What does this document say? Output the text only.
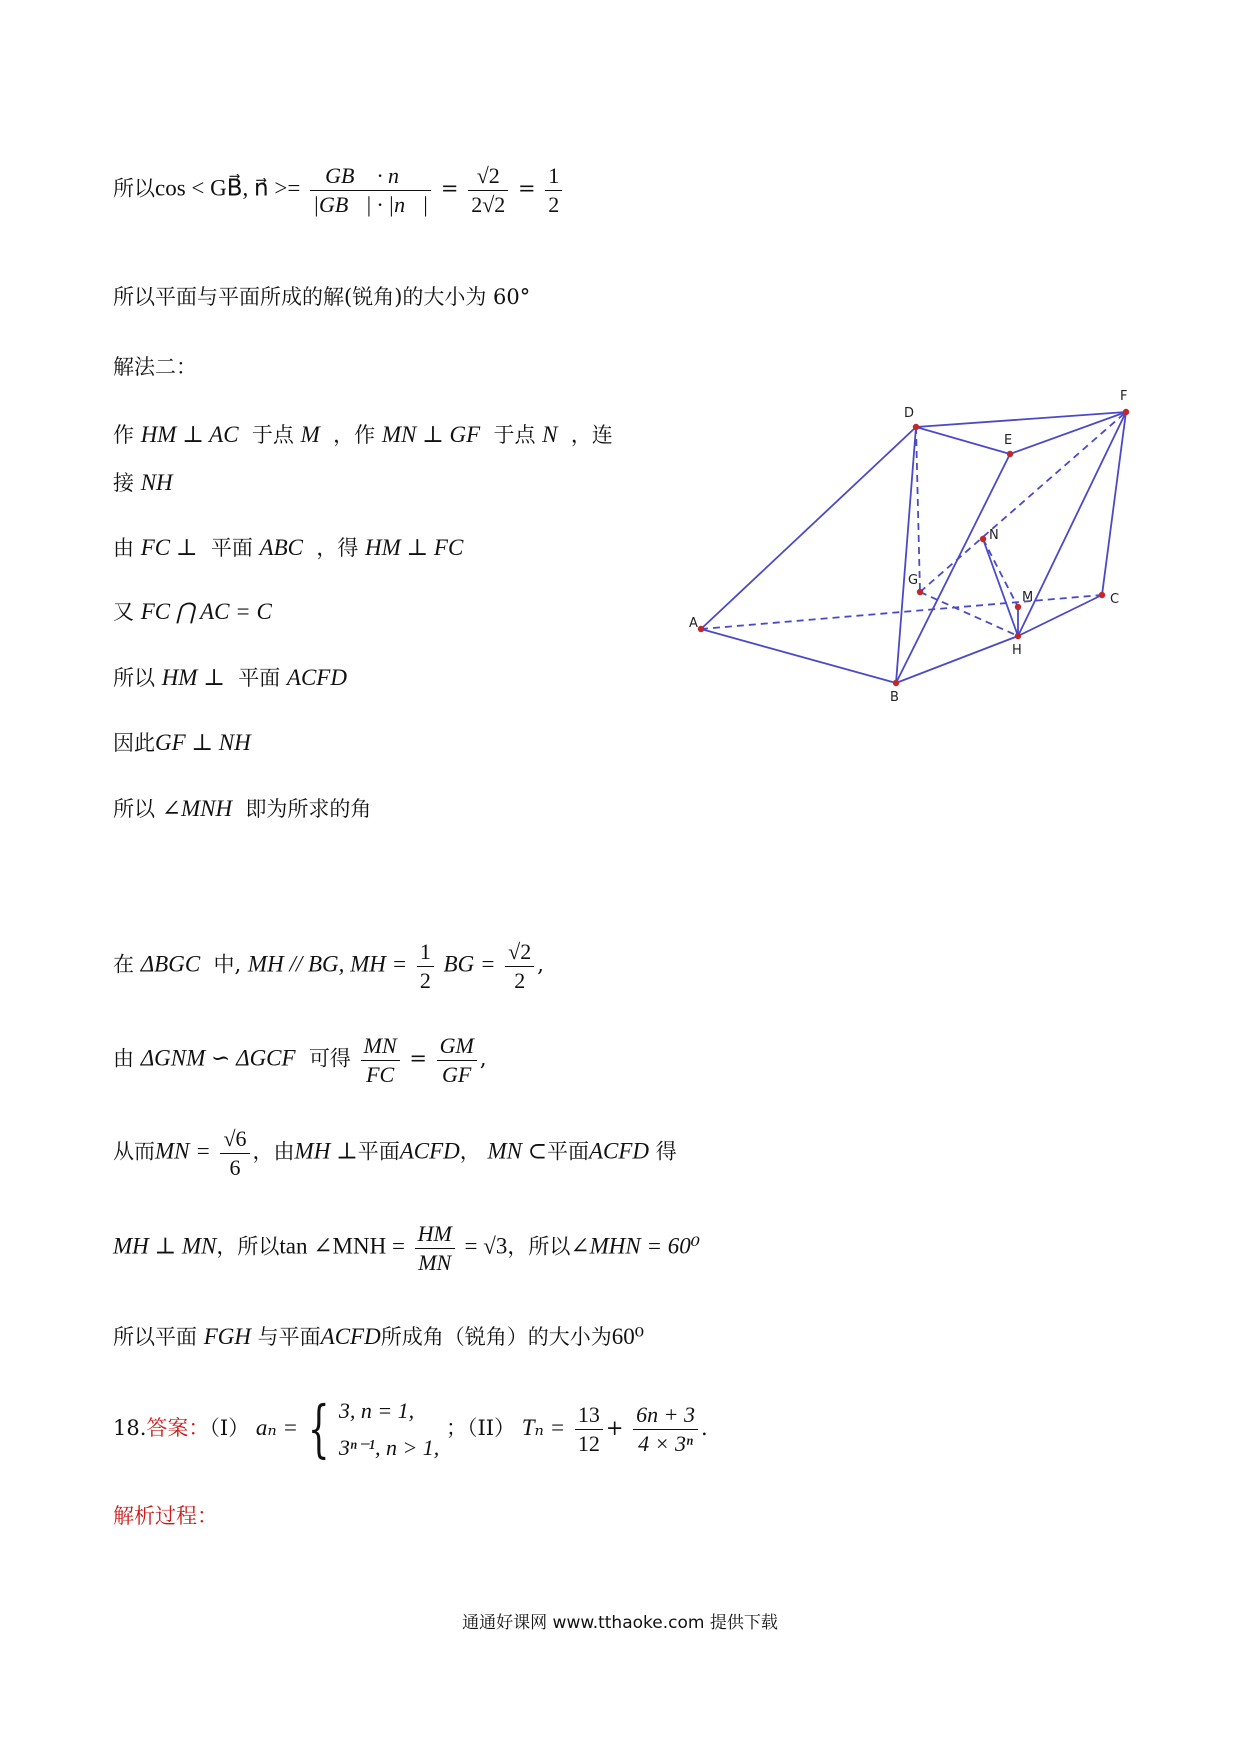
所以cos < GB⃗, n⃗ >= $\frac{GB⃗ \cdot n⃗}{|GB⃗| \cdot |n⃗|} = \frac{√2}{2√2} = \frac{1}{2}$
所以平面与平面所成的解(锐角)的大小为 60°
解法二：
作 HM ⊥ AC 于点 M ，作 MN ⊥ GF 于点 N ，连
接 NH
由 FC ⊥ 平面 ABC ，得 HM ⊥ FC
又 FC ⋂ AC = C
所以 HM ⊥ 平面 ACFD
因此GF ⊥ NH
所以 ∠MNH 即为所求的角
在 ΔBGC 中, MH // BG, MH = $\frac{1}{2}$ BG = $\frac{√2}{2}$ ,
由 ΔGNM ∽ ΔGCF 可得 $\frac{MN}{FC} = \frac{GM}{GF}$ ,
从而MN = $\frac{√6}{6}$ ，由MH ⊥平面ACFD， MN ⊂平面ACFD 得
MH ⊥ MN，所以tan ∠MNH = $\frac{HM}{MN} = √3$，所以∠MHN = 60⁰
所以平面 FGH 与平面ACFD所成角（锐角）的大小为60⁰
18.答案：（I） aₙ = { 3, n = 1,
3ⁿ⁻¹, n > 1,
；（II） $T_n = \frac{13}{12} + \frac{6n + 3}{\text{4 × 3ⁿ}}$ .
解析过程：
A
B
C
D
E
F
G
H
M
N
通通好课网 www.tthaoke.com 提供下载
